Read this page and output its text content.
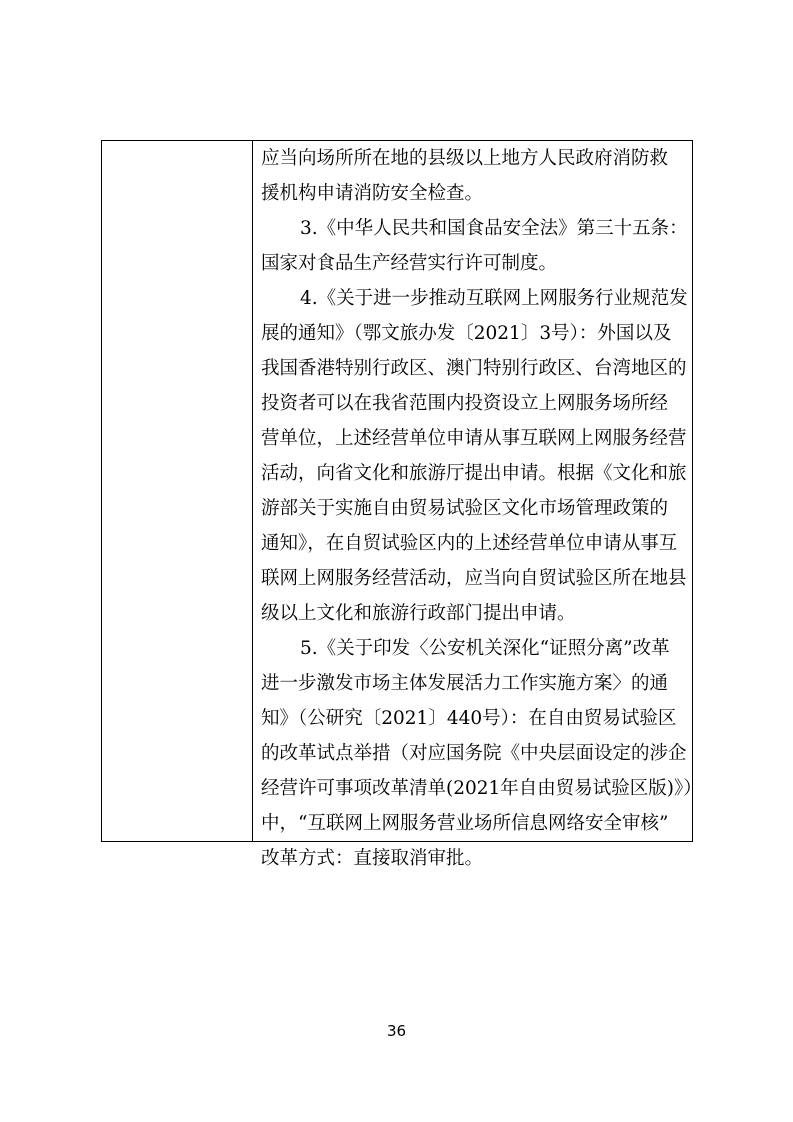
应当向场所所在地的县级以上地方人民政府消防救
援机构申请消防安全检查。
3.《中华人民共和国食品安全法》第三十五条：
国家对食品生产经营实行许可制度。
4.《关于进一步推动互联网上网服务行业规范发
展的通知》（鄂文旅办发〔2021〕3号）：外国以及
我国香港特别行政区、澳门特别行政区、台湾地区的
投资者可以在我省范围内投资设立上网服务场所经
营单位，上述经营单位申请从事互联网上网服务经营
活动，向省文化和旅游厅提出申请。根据《文化和旅
游部关于实施自由贸易试验区文化市场管理政策的
通知》，在自贸试验区内的上述经营单位申请从事互
联网上网服务经营活动，应当向自贸试验区所在地县
级以上文化和旅游行政部门提出申请。
5.《关于印发〈公安机关深化“证照分离”改革
进一步激发市场主体发展活力工作实施方案〉的通
知》（公研究〔2021〕440号）：在自由贸易试验区
的改革试点举措（对应国务院《中央层面设定的涉企
经营许可事项改革清单(2021年自由贸易试验区版)》）
中，“互联网上网服务营业场所信息网络安全审核”
改革方式：直接取消审批。
36
